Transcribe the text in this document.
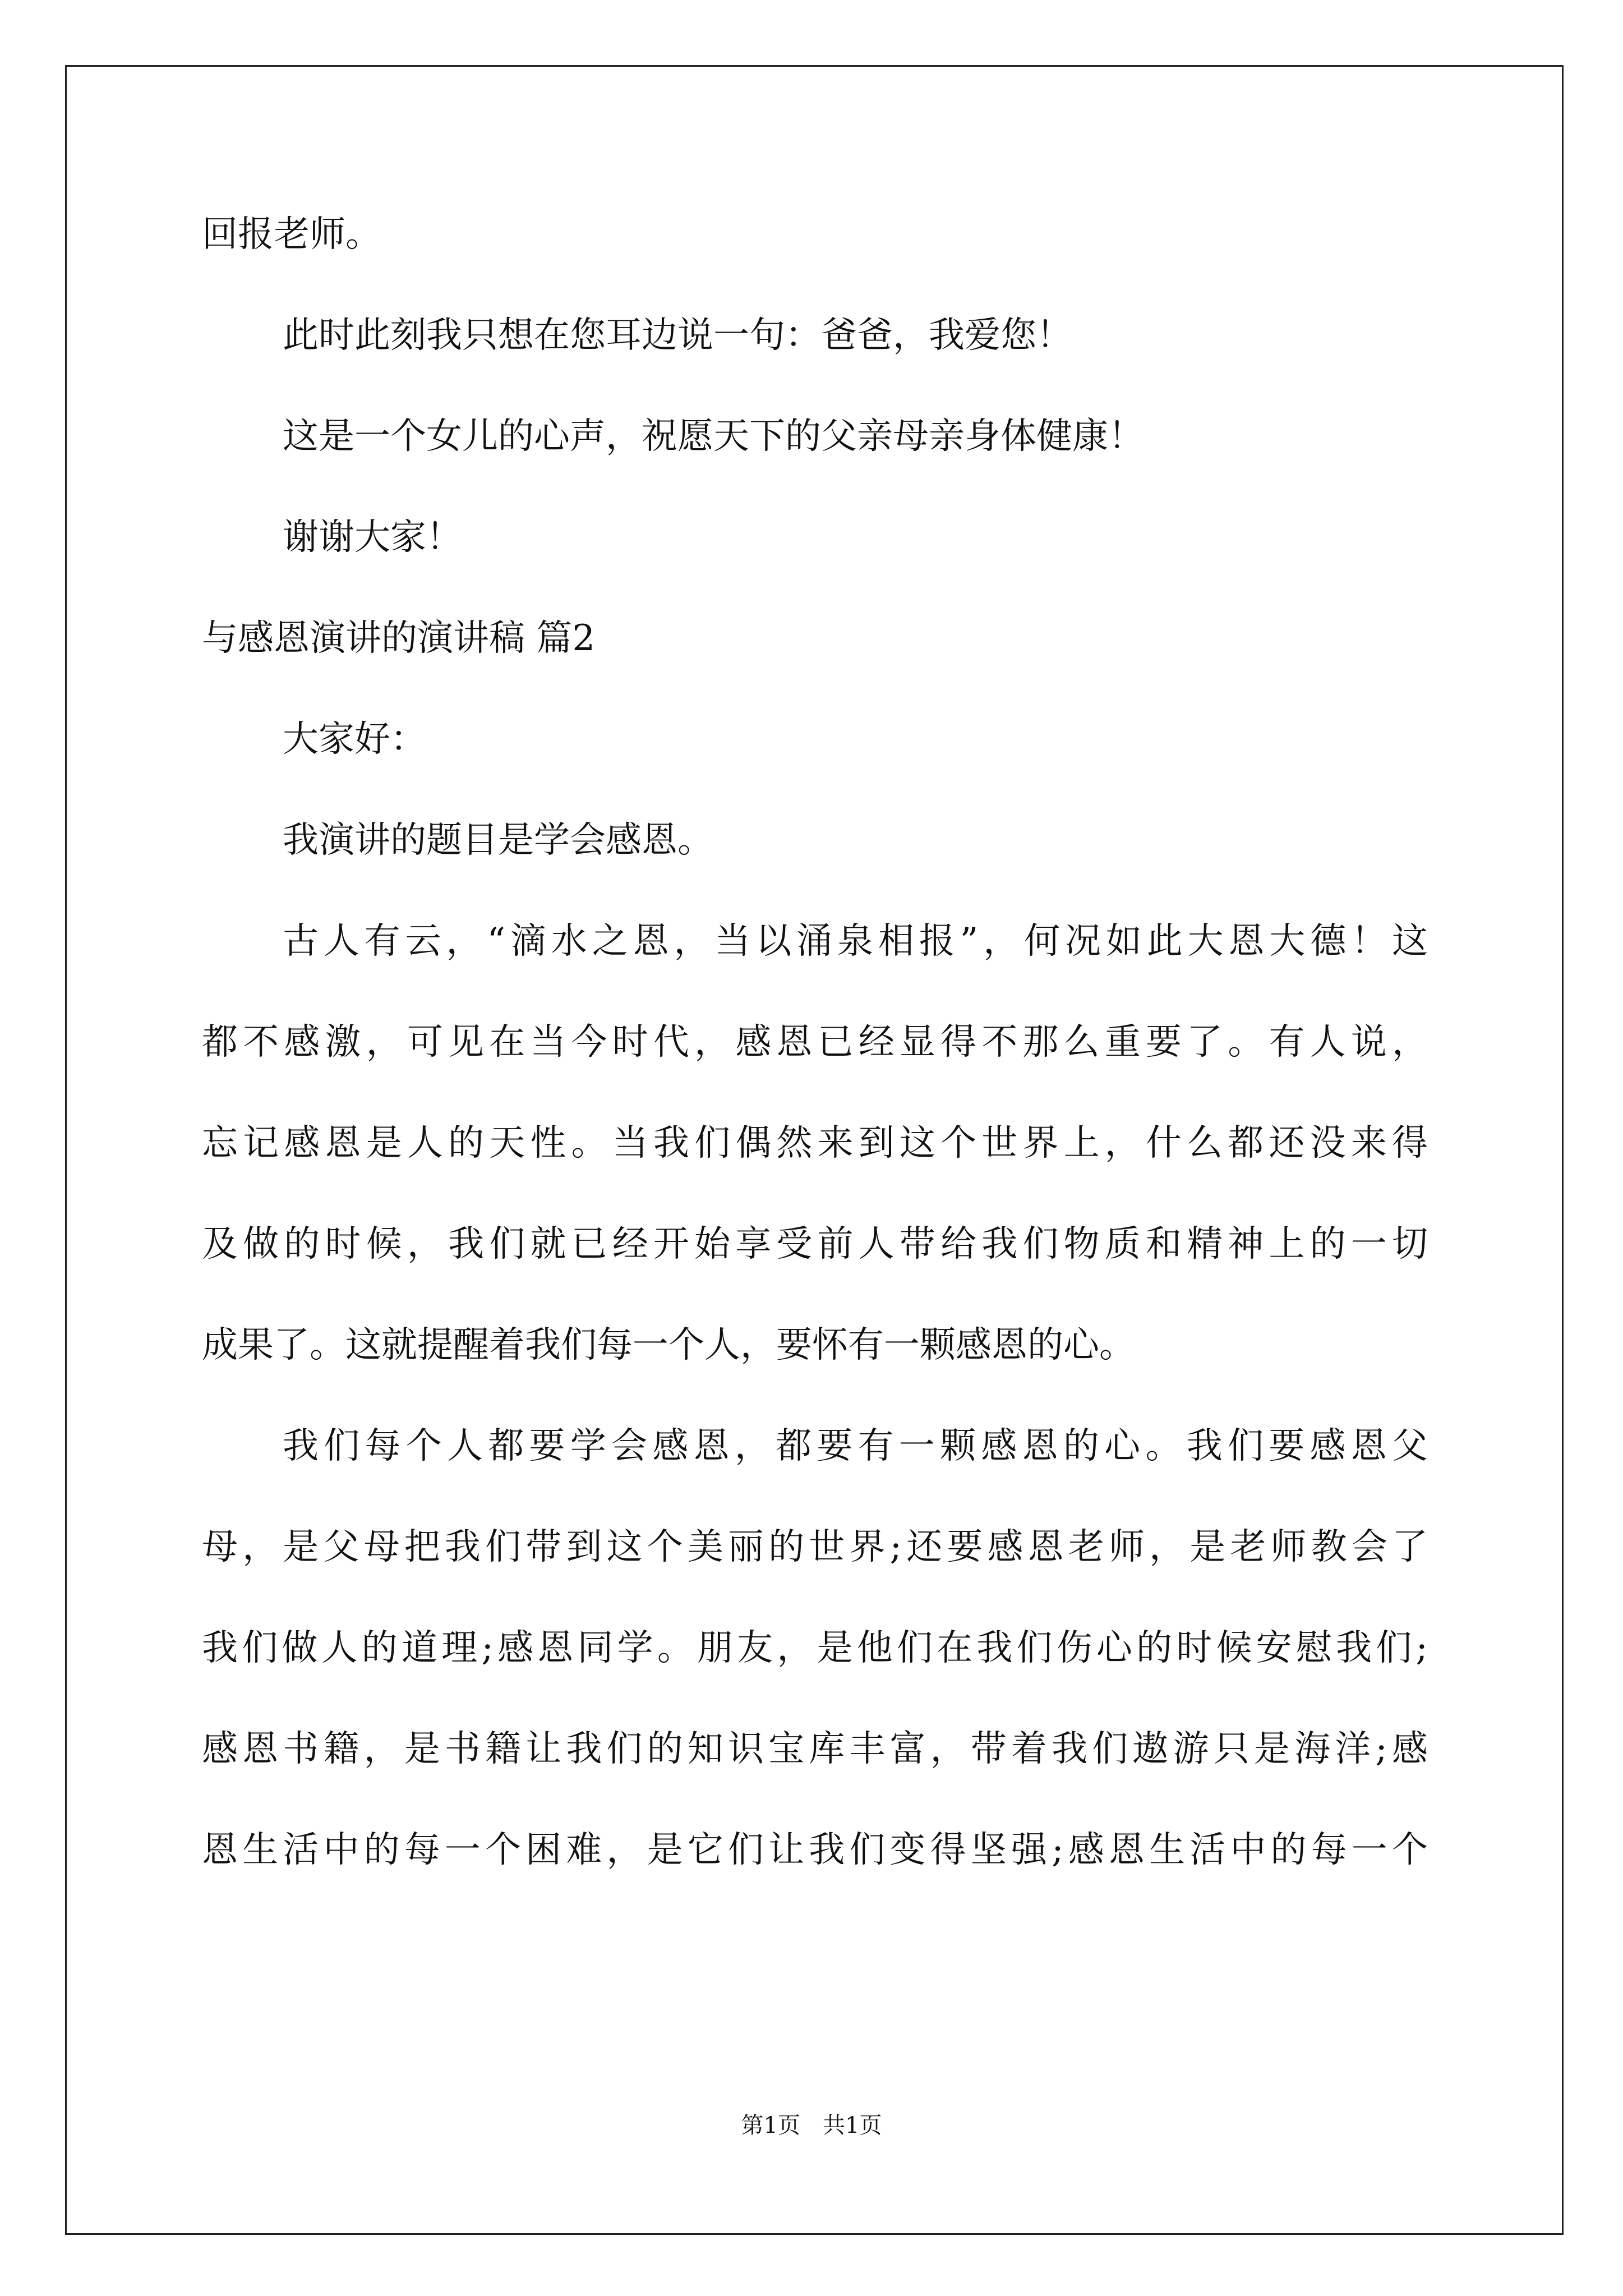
回报老师。
此时此刻我只想在您耳边说一句：爸爸，我爱您！
这是一个女儿的心声，祝愿天下的父亲母亲身体健康！
谢谢大家！
与感恩演讲的演讲稿 篇2
大家好：
我演讲的题目是学会感恩。
古人有云，“滴水之恩，当以涌泉相报”，何况如此大恩大德！这
都不感激，可见在当今时代，感恩已经显得不那么重要了。有人说，
忘记感恩是人的天性。当我们偶然来到这个世界上，什么都还没来得
及做的时候，我们就已经开始享受前人带给我们物质和精神上的一切
成果了。这就提醒着我们每一个人，要怀有一颗感恩的心。
我们每个人都要学会感恩，都要有一颗感恩的心。我们要感恩父
母，是父母把我们带到这个美丽的世界;还要感恩老师，是老师教会了
我们做人的道理;感恩同学。朋友，是他们在我们伤心的时候安慰我们;
感恩书籍，是书籍让我们的知识宝库丰富，带着我们遨游只是海洋;感
恩生活中的每一个困难，是它们让我们变得坚强;感恩生活中的每一个
第1页　共1页
